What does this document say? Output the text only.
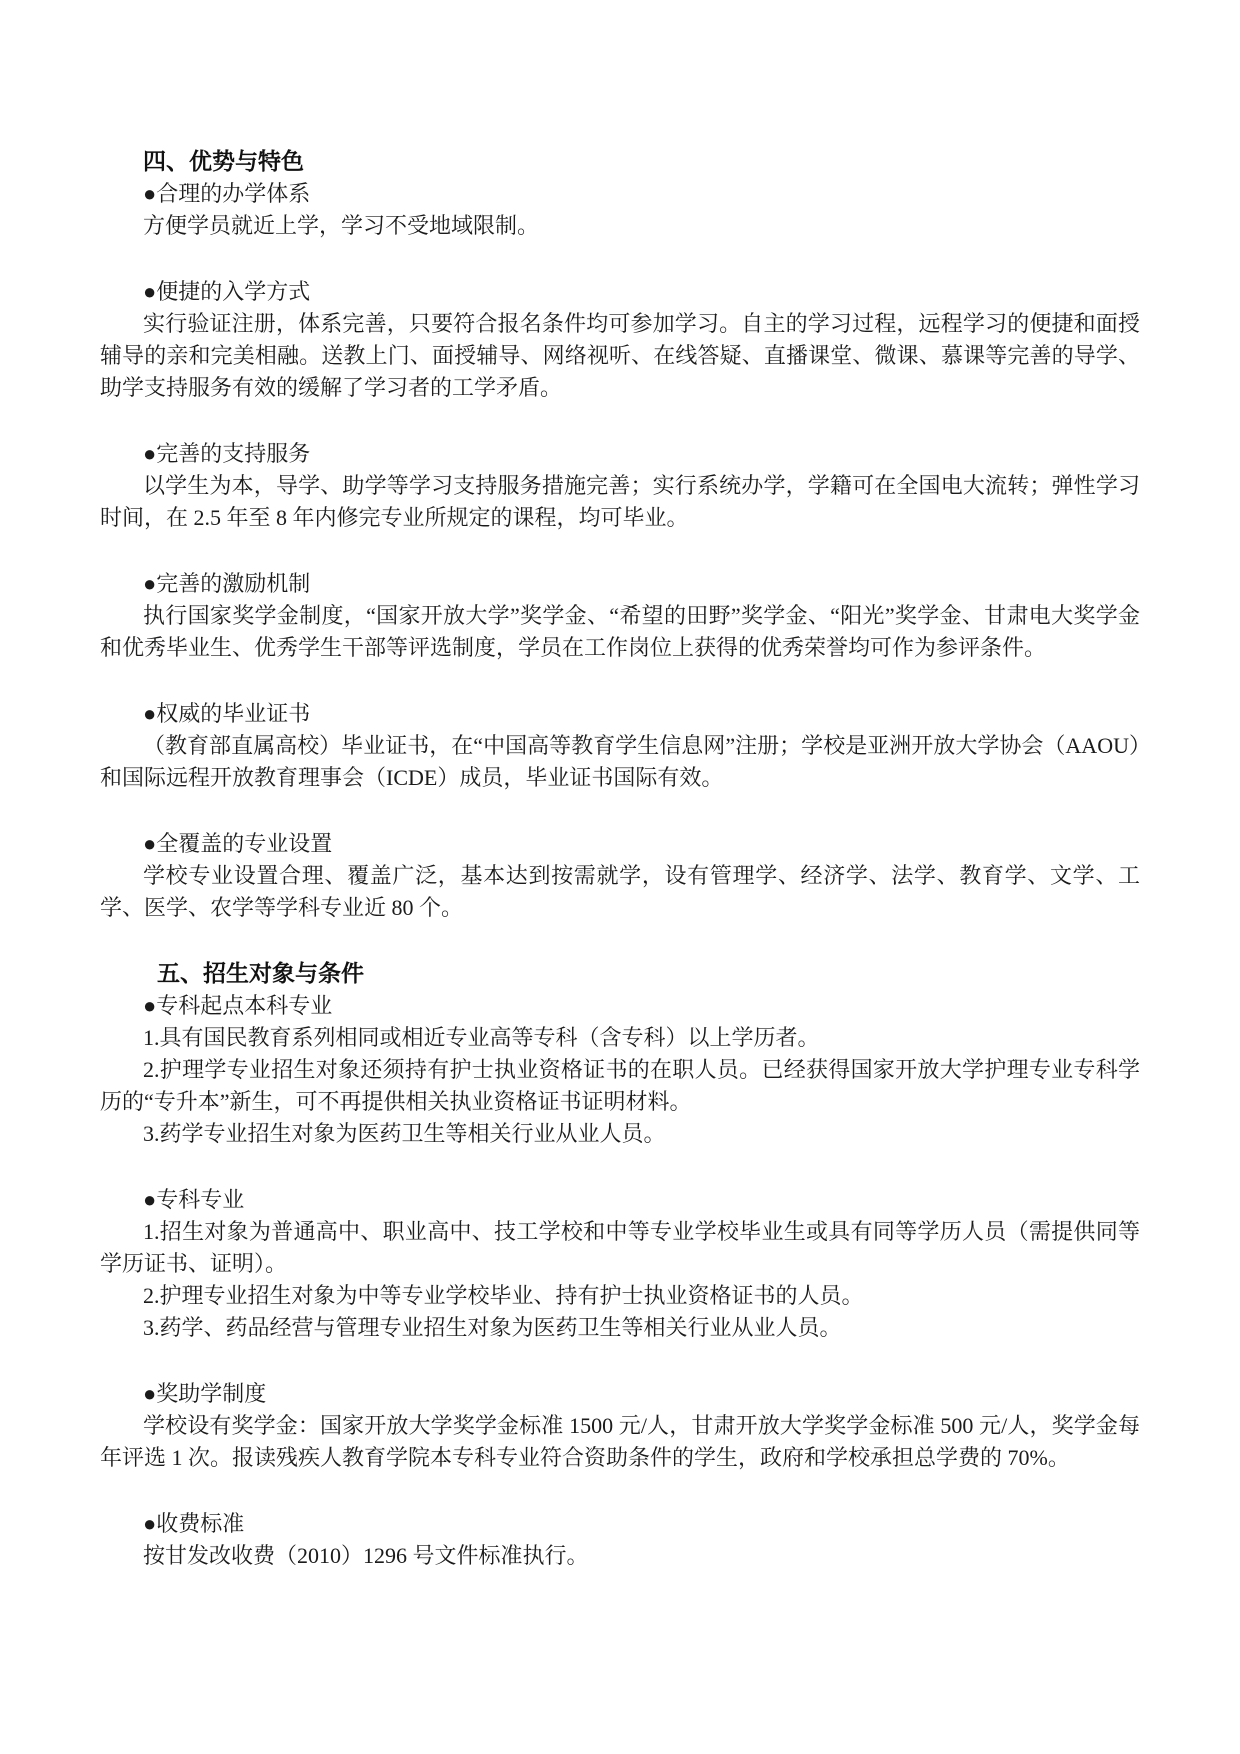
四、优势与特色

●合理的办学体系

方便学员就近上学，学习不受地域限制。

●便捷的入学方式

实行验证注册，体系完善，只要符合报名条件均可参加学习。自主的学习过程，远程学习的便捷和面授辅导的亲和完美相融。送教上门、面授辅导、网络视听、在线答疑、直播课堂、微课、慕课等完善的导学、助学支持服务有效的缓解了学习者的工学矛盾。

●完善的支持服务

以学生为本，导学、助学等学习支持服务措施完善；实行系统办学，学籍可在全国电大流转；弹性学习时间，在 2.5 年至 8 年内修完专业所规定的课程，均可毕业。

●完善的激励机制

执行国家奖学金制度，“国家开放大学”奖学金、“希望的田野”奖学金、“阳光”奖学金、甘肃电大奖学金和优秀毕业生、优秀学生干部等评选制度，学员在工作岗位上获得的优秀荣誉均可作为参评条件。

●权威的毕业证书

（教育部直属高校）毕业证书，在“中国高等教育学生信息网”注册；学校是亚洲开放大学协会（AAOU）和国际远程开放教育理事会（ICDE）成员，毕业证书国际有效。

●全覆盖的专业设置

学校专业设置合理、覆盖广泛，基本达到按需就学，设有管理学、经济学、法学、教育学、文学、工学、医学、农学等学科专业近 80 个。

五、招生对象与条件

●专科起点本科专业

1.具有国民教育系列相同或相近专业高等专科（含专科）以上学历者。

2.护理学专业招生对象还须持有护士执业资格证书的在职人员。已经获得国家开放大学护理专业专科学历的“专升本”新生，可不再提供相关执业资格证书证明材料。

3.药学专业招生对象为医药卫生等相关行业从业人员。

●专科专业

1.招生对象为普通高中、职业高中、技工学校和中等专业学校毕业生或具有同等学历人员（需提供同等学历证书、证明）。

2.护理专业招生对象为中等专业学校毕业、持有护士执业资格证书的人员。

3.药学、药品经营与管理专业招生对象为医药卫生等相关行业从业人员。

●奖助学制度

学校设有奖学金：国家开放大学奖学金标准 1500 元/人，甘肃开放大学奖学金标准 500 元/人，奖学金每年评选 1 次。报读残疾人教育学院本专科专业符合资助条件的学生，政府和学校承担总学费的 70%。

●收费标准

按甘发改收费（2010）1296 号文件标准执行。
